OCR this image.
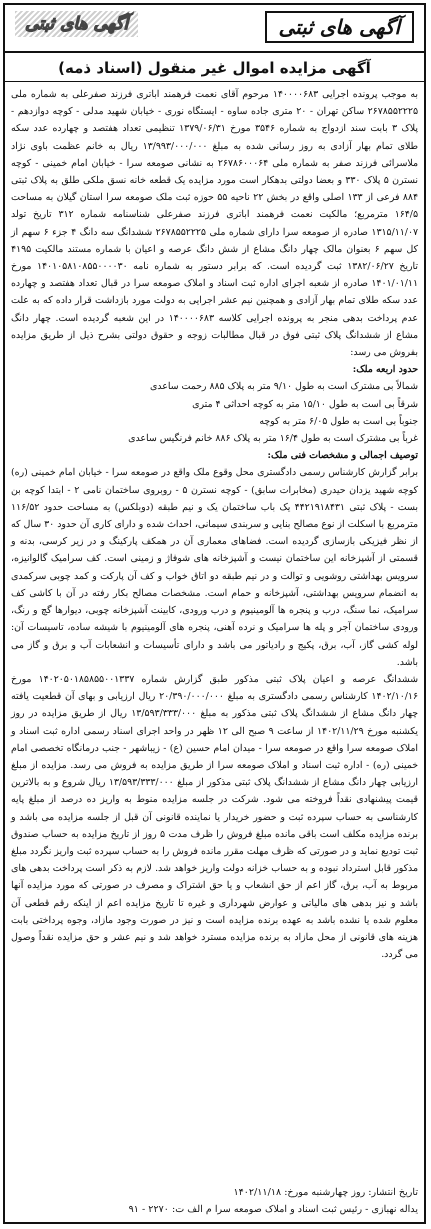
آگهی های ثبتی
آگهی های ثبتی
آگهی مزایده اموال غیر منقول (اسناد ذمه)

به موجب پرونده اجرایی ۱۴۰۰۰۰۶۸۳ مرحوم آقای نعمت فرهمند اباتری فرزند صفرعلی به شماره ملی ۲۶۷۸۵۵۲۲۲۵ ساکن تهران - ۲۰ متری جاده ساوه - ایستگاه نوری - خیابان شهید مدلی - کوچه دوازدهم - پلاک ۳ بابت سند ازدواج به شماره ۳۵۴۶ مورخ ۱۳۷۹/۰۶/۳۱ تنظیمی تعداد هفتصد و چهارده عدد سکه طلای تمام بهار آزادی به روز رسانی شده به مبلغ ۱۳/۹۹۳/۰۰۰/۰۰۰ ریال به خانم عظمت باوی نژاد ملاسرائی فرزند صفر به شماره ملی ۲۶۷۸۶۰۰۰۶۴ به نشانی صومعه سرا - خیابان امام خمینی - کوچه نسترن ۵ پلاک ۳۳۰ و بعضا دولتی بدهکار است مورد مزایده یک قطعه خانه نسق ملکی طلق به پلاک ثبتی ۸۸۴ فرعی از ۱۳۳ اصلی واقع در بخش ۲۲ ناحیه ۵۵ حوزه ثبت ملک صومعه سرا استان گیلان به مساحت ۱۶۴/۵ مترمربع؛ مالکیت نعمت فرهمند اباتری فرزند صفرعلی شناسنامه شماره ۳۱۲ تاریخ تولد ۱۳۱۵/۱۱/۰۷ صادره از صومعه سرا دارای شماره ملی ۲۶۷۸۵۵۲۲۲۵ ششدانگ سه دانگ ۴ جزء ۶ سهم از کل سهم ۶ بعنوان مالک چهار دانگ مشاع از شش دانگ عرصه و اعیان با شماره مستند مالکیت ۴۱۹۵ تاریخ ۱۳۸۲/۰۶/۲۷ ثبت گردیده است. که برابر دستور به شماره نامه ۱۴۰۱۰۵۸۱۰۸۵۵۰۰۰۰۳۰ مورخ ۱۴۰۱/۰۱/۱۱ صادره از شعبه اجرای اداره ثبت اسناد و املاک صومعه سرا در قبال تعداد هفتصد و چهارده عدد سکه طلای تمام بهار آزادی و همچنین نیم عشر اجرایی به دولت مورد بازداشت قرار داده که به علت عدم پرداخت بدهی منجر به پرونده اجرایی کلاسه ۱۴۰۰۰۰۶۸۳ در این شعبه گردیده است. چهار دانگ مشاع از ششدانگ پلاک ثبتی فوق در قبال مطالبات زوجه و حقوق دولتی بشرح ذیل از طریق مزایده بفروش می رسد:

حدود اربعه ملک:

شمالاً بی مشترک است به طول ۹/۱۰ متر به پلاک ۸۸۵ رحمت ساعدی

شرقاً بی است به طول ۱۵/۱۰ متر به کوچه احداثی ۴ متری

جنوباً بی است به طول ۶/۰۵ متر به کوچه

غرباً بی مشترک است به طول ۱۶/۴ متر به پلاک ۸۸۶ خانم فرنگیس ساعدی

توصیف اجمالی و مشخصات فنی ملک:

برابر گزارش کارشناس رسمی دادگستری محل وقوع ملک واقع در صومعه سرا - خیابان امام خمینی (ره) کوچه شهید یزدان حیدری (مخابرات سابق) - کوچه نسترن ۵ - روبروی ساختمان نامی ۲ - ابتدا کوچه بن بست - پلاک ثبتی ۴۴۲۱۹۱۸۴۳۱ یک باب ساختمان یک و نیم طبقه (دوبلکس) به مساحت حدود ۱۱۶/۵۲ مترمربع با اسکلت از نوع مصالح بنایی و سربندی سیمانی، احداث شده و دارای کاری آن حدود ۳۰ سال که از نظر فیزیکی بازسازی گردیده است. فضاهای معماری آن در همکف پارکینگ و در زیر کرسی، بدنه و قسمتی از آشپزخانه این ساختمان نیست و آشپزخانه های شوفاژ و زمینی است. کف سرامیک گالوانیزه، سرویس بهداشتی روشویی و توالت و در نیم طبقه دو اتاق خواب و کف آن پارکت و کمد چوبی سرکمدی به انضمام سرویس بهداشتی، آشپزخانه و حمام است. مشخصات مصالح بکار رفته در آن با کاشی کف سرامیک، نما سنگ، درب و پنجره ها آلومینیوم و درب ورودی، کابینت آشپزخانه چوبی، دیوارها گچ و رنگ، ورودی ساختمان آجر و پله ها سرامیک و نرده آهنی، پنجره های آلومینیوم با شیشه ساده، تاسیسات آن: لوله کشی گاز، آب، برق، پکیج و رادیاتور می باشد و دارای تأسیسات و انشعابات آب و برق و گاز می باشد.

ششدانگ عرصه و اعیان پلاک ثبتی مذکور طبق گزارش شماره ۱۴۰۲۰۵۰۱۸۵۸۵۵۰۰۱۳۳۷ مورخ ۱۴۰۲/۱۰/۱۶ کارشناس رسمی دادگستری به مبلغ ۲۰/۳۹۰/۰۰۰/۰۰۰ ریال ارزیابی و بهای آن قطعیت یافته چهار دانگ مشاع از ششدانگ پلاک ثبتی مذکور به مبلغ ۱۳/۵۹۳/۳۳۳/۰۰۰ ریال از طریق مزایده در روز یکشنبه مورخ ۱۴۰۲/۱۱/۲۹ از ساعت ۹ صبح الی ۱۲ ظهر در واحد اجرای اسناد رسمی اداره ثبت اسناد و املاک صومعه سرا واقع در صومعه سرا - میدان امام حسین (ع) - زیباشهر - جنب درمانگاه تخصصی امام خمینی (ره) - اداره ثبت اسناد و املاک صومعه سرا از طریق مزایده به فروش می رسد. مزایده از مبلغ ارزیابی چهار دانگ مشاع از ششدانگ پلاک ثبتی مذکور از مبلغ ۱۳/۵۹۳/۳۳۳/۰۰۰ ریال شروع و به بالاترین قیمت پیشنهادی نقداً فروخته می شود. شرکت در جلسه مزایده منوط به واریز ده درصد از مبلغ پایه کارشناسی به حساب سپرده ثبت و حضور خریدار یا نماینده قانونی آن قبل از جلسه مزایده می باشد و برنده مزایده مکلف است باقی مانده مبلغ فروش را ظرف مدت ۵ روز از تاریخ مزایده به حساب صندوق ثبت تودیع نماید و در صورتی که ظرف مهلت مقرر مانده فروش را به حساب سپرده ثبت واریز نگردد مبلغ مذکور قابل استرداد نبوده و به حساب خزانه دولت واریز خواهد شد. لازم به ذکر است پرداخت بدهی های مربوط به آب، برق، گاز اعم از حق انشعاب و یا حق اشتراک و مصرف در صورتی که مورد مزایده آنها باشد و نیز بدهی های مالیاتی و عوارض شهرداری و غیره تا تاریخ مزایده اعم از اینکه رقم قطعی آن معلوم شده یا نشده باشد به عهده برنده مزایده است و نیز در صورت وجود مازاد، وجوه پرداختی بابت هزینه های قانونی از محل مازاد به برنده مزایده مسترد خواهد شد و نیم عشر و حق مزایده نقداً وصول می گردد.

تاریخ انتشار: روز چهارشنبه مورخ: ۱۴۰۲/۱۱/۱۸
یداله نهبازی - رئیس ثبت اسناد و املاک صومعه سرا م الف ت: ۲۲۷۰ - ۹۱
